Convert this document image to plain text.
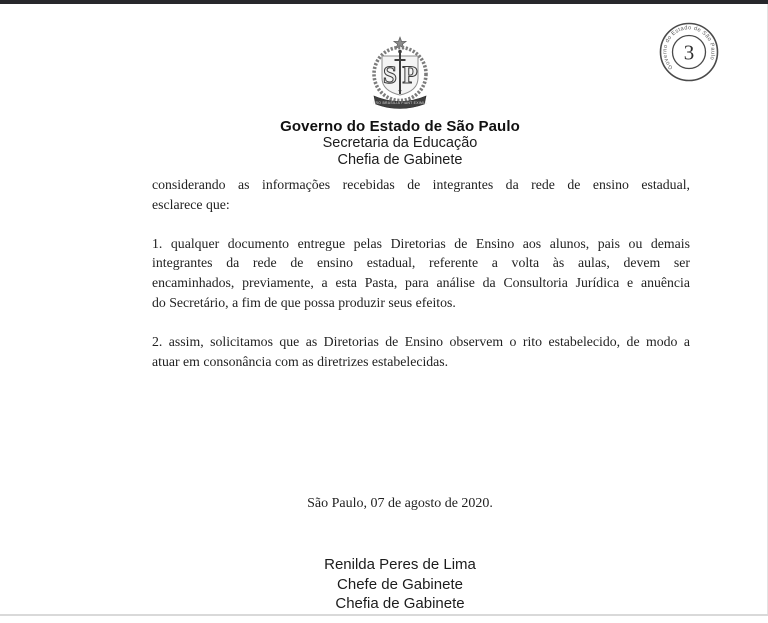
Governo do Estado de São Paulo
3
S P
PRO BRASILIA FIANT EXIMIA
Governo do Estado de São Paulo
Secretaria da Educação
Chefia de Gabinete
considerando as informações recebidas de integrantes da rede de ensino estadual,
esclarece que:
1. qualquer documento entregue pelas Diretorias de Ensino aos alunos, pais ou demais
integrantes da rede de ensino estadual, referente a volta às aulas, devem ser
encaminhados, previamente, a esta Pasta, para análise da Consultoria Jurídica e anuência
do Secretário, a fim de que possa produzir seus efeitos.
2. assim, solicitamos que as Diretorias de Ensino observem o rito estabelecido, de modo a
atuar em consonância com as diretrizes estabelecidas.
São Paulo, 07 de agosto de 2020.
Renilda Peres de Lima
Chefe de Gabinete
Chefia de Gabinete
